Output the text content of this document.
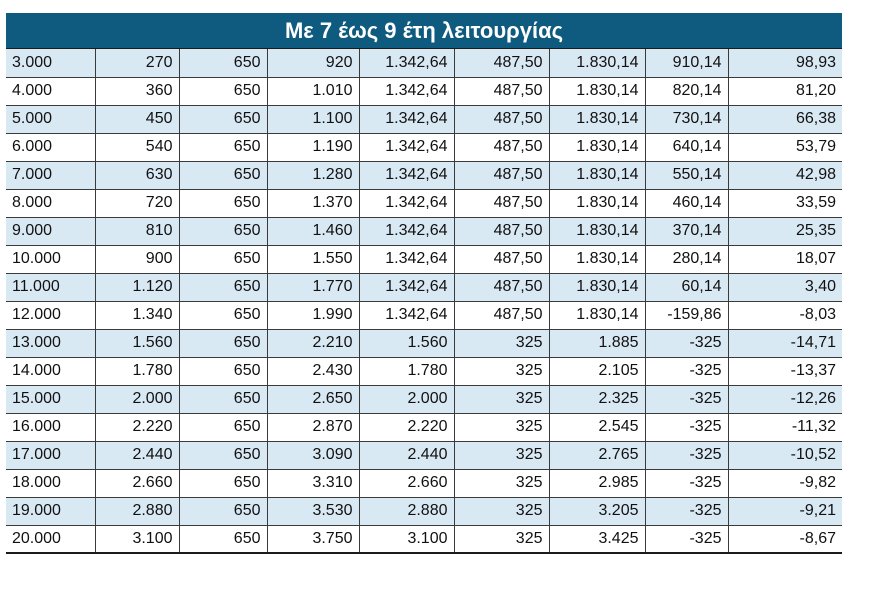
Με 7 έως 9 έτη λειτουργίας
3.000	270	650	920	1.342,64	487,50	1.830,14	910,14	98,93
4.000	360	650	1.010	1.342,64	487,50	1.830,14	820,14	81,20
5.000	450	650	1.100	1.342,64	487,50	1.830,14	730,14	66,38
6.000	540	650	1.190	1.342,64	487,50	1.830,14	640,14	53,79
7.000	630	650	1.280	1.342,64	487,50	1.830,14	550,14	42,98
8.000	720	650	1.370	1.342,64	487,50	1.830,14	460,14	33,59
9.000	810	650	1.460	1.342,64	487,50	1.830,14	370,14	25,35
10.000	900	650	1.550	1.342,64	487,50	1.830,14	280,14	18,07
11.000	1.120	650	1.770	1.342,64	487,50	1.830,14	60,14	3,40
12.000	1.340	650	1.990	1.342,64	487,50	1.830,14	-159,86	-8,03
13.000	1.560	650	2.210	1.560	325	1.885	-325	-14,71
14.000	1.780	650	2.430	1.780	325	2.105	-325	-13,37
15.000	2.000	650	2.650	2.000	325	2.325	-325	-12,26
16.000	2.220	650	2.870	2.220	325	2.545	-325	-11,32
17.000	2.440	650	3.090	2.440	325	2.765	-325	-10,52
18.000	2.660	650	3.310	2.660	325	2.985	-325	-9,82
19.000	2.880	650	3.530	2.880	325	3.205	-325	-9,21
20.000	3.100	650	3.750	3.100	325	3.425	-325	-8,67
